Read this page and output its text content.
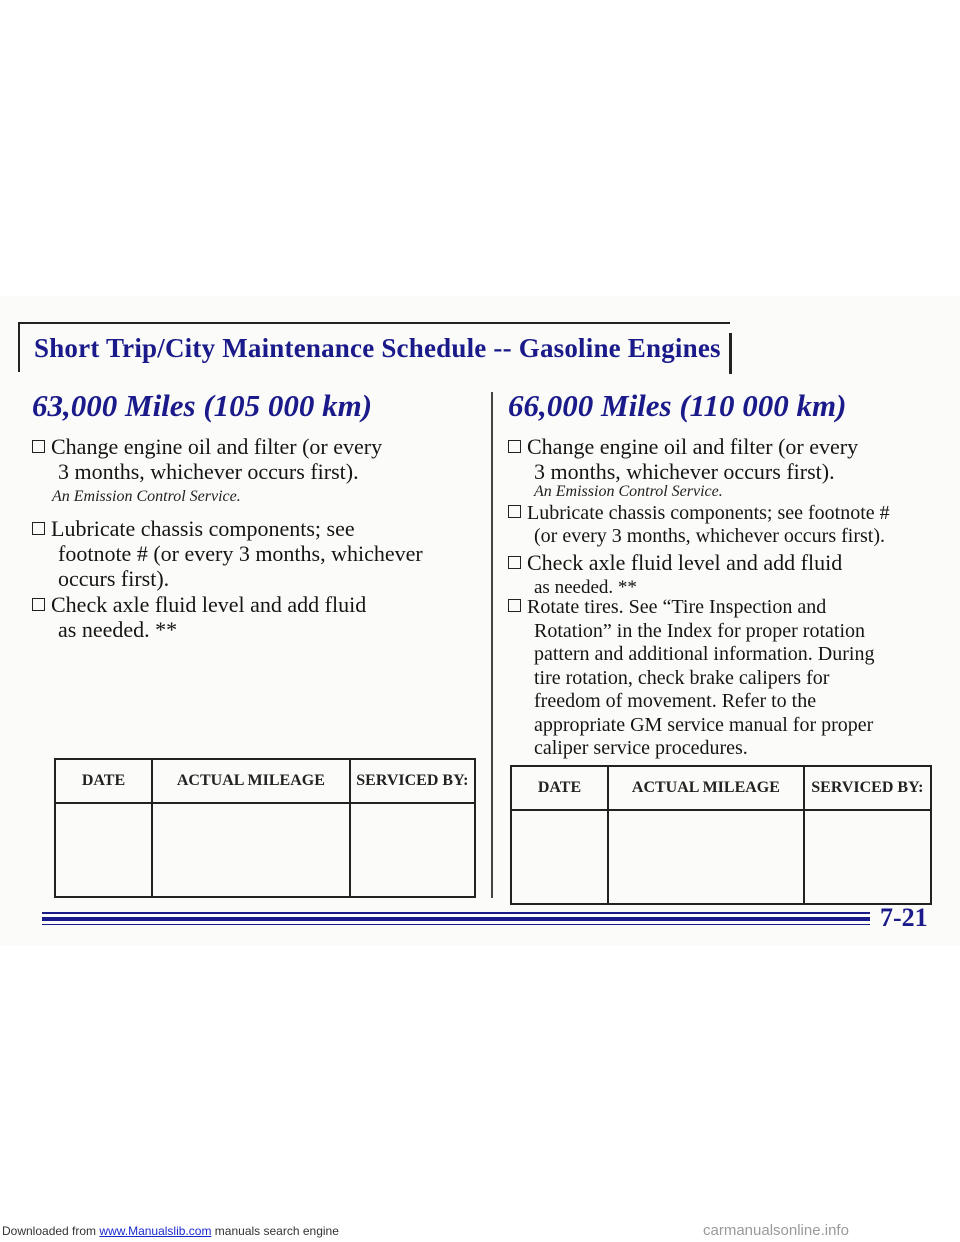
Short Trip/City Maintenance Schedule -- Gasoline Engines
63,000 Miles (105 000 km)
Change engine oil and filter (or every
3 months, whichever occurs first).
An Emission Control Service.
Lubricate chassis components; see
footnote # (or every 3 months, whichever
occurs first).
Check axle fluid level and add fluid
as needed. **
DATE	ACTUAL MILEAGE	SERVICED BY:

66,000 Miles (110 000 km)
Change engine oil and filter (or every
3 months, whichever occurs first).
An Emission Control Service.
Lubricate chassis components; see footnote #
(or every 3 months, whichever occurs first).
Check axle fluid level and add fluid
as needed. **
Rotate tires. See “Tire Inspection and
Rotation” in the Index for proper rotation
pattern and additional information. During
tire rotation, check brake calipers for
freedom of movement. Refer to the
appropriate GM service manual for proper
caliper service procedures.
DATE	ACTUAL MILEAGE	SERVICED BY:

7-21
Downloaded from www.Manualslib.com manuals search engine	carmanualsonline.info
